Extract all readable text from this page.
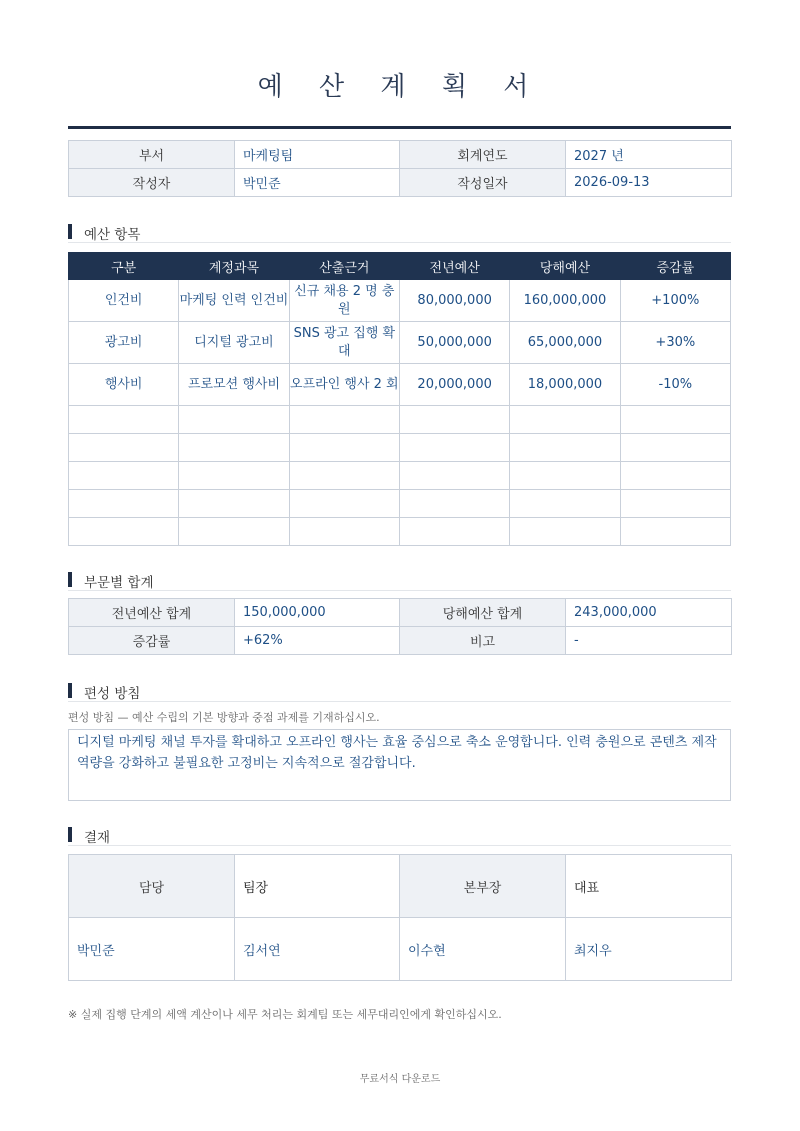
예 산 계 획 서
부서	마케팅팀	회계연도	2027 년
작성자	박민준	작성일자	2026-09-13
예산 항목
구분	계정과목	산출근거	전년예산	당해예산	증감률
인건비	마케팅 인력 인건비	신규 채용 2 명 충원	80,000,000	160,000,000	+100%
광고비	디지털 광고비	SNS 광고 집행 확대	50,000,000	65,000,000	+30%
행사비	프로모션 행사비	오프라인 행사 2 회	20,000,000	18,000,000	-10%

부문별 합계
전년예산 합계	150,000,000	당해예산 합계	243,000,000
증감률	+62%	비고	-
편성 방침
편성 방침 — 예산 수립의 기본 방향과 중점 과제를 기재하십시오.
디지털 마케팅 채널 투자를 확대하고 오프라인 행사는 효율 중심으로 축소 운영합니다. 인력 충원으로 콘텐츠 제작 역량을 강화하고 불필요한 고정비는 지속적으로 절감합니다.
결재
담당	팀장	본부장	대표
박민준	김서연	이수현	최지우
※ 실제 집행 단계의 세액 계산이나 세무 처리는 회계팀 또는 세무대리인에게 확인하십시오.
무료서식 다운로드
